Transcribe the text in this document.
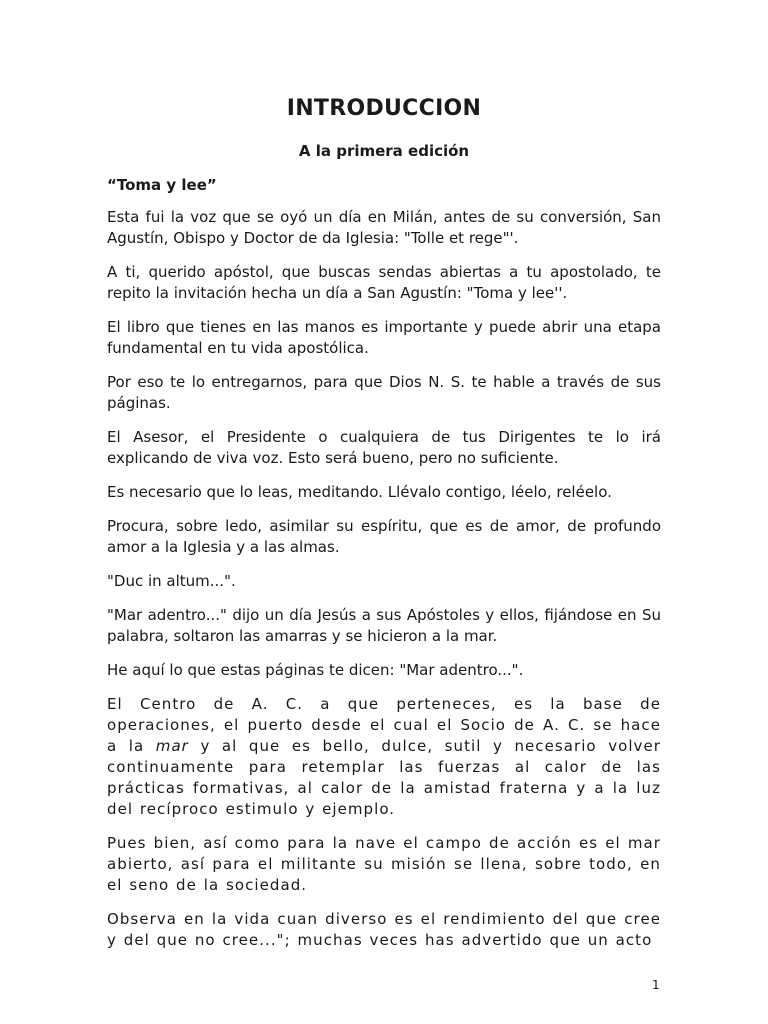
INTRODUCCION
A la primera edición
“Toma y lee”

Esta fui la voz que se oyó un día en Milán, antes de su conversión, San Agustín, Obispo y Doctor de da Iglesia: "Tolle et rege"'.

A ti, querido apóstol, que buscas sendas abiertas a tu apostolado, te repito la invitación hecha un día a San Agustín: "Toma y lee''.

El libro que tienes en las manos es importante y puede abrir una etapa fundamental en tu vida apostólica.

Por eso te lo entregarnos, para que Dios N. S. te hable a través de sus páginas.

El Asesor, el Presidente o cualquiera de tus Dirigentes te lo irá explicando de viva voz. Esto será bueno, pero no suficiente.

Es necesario que lo leas, meditando. Llévalo contigo, léelo, reléelo.

Procura, sobre ledo, asimilar su espíritu, que es de amor, de profundo amor a la Iglesia y a las almas.

"Duc in altum...".

"Mar adentro..." dijo un día Jesús a sus Apóstoles y ellos, fijándose en Su palabra, soltaron las amarras y se hicieron a la mar.

He aquí lo que estas páginas te dicen: "Mar adentro...".

El Centro de A. C. a que perteneces, es la base de operaciones, el puerto desde el cual el Socio de A. C. se hace a la mar y al que es bello, dulce, sutil y necesario volver continuamente para retemplar las fuerzas al calor de las prácticas formativas, al calor de la amistad fraterna y a la luz del recíproco estimulo y ejemplo.

Pues bien, así como para la nave el campo de acción es el mar abierto, así para el militante su misión se llena, sobre todo, en el seno de la sociedad.

Observa en la vida cuan diverso es el rendimiento del que cree y del que no cree..."; muchas veces has advertido que un acto

1
